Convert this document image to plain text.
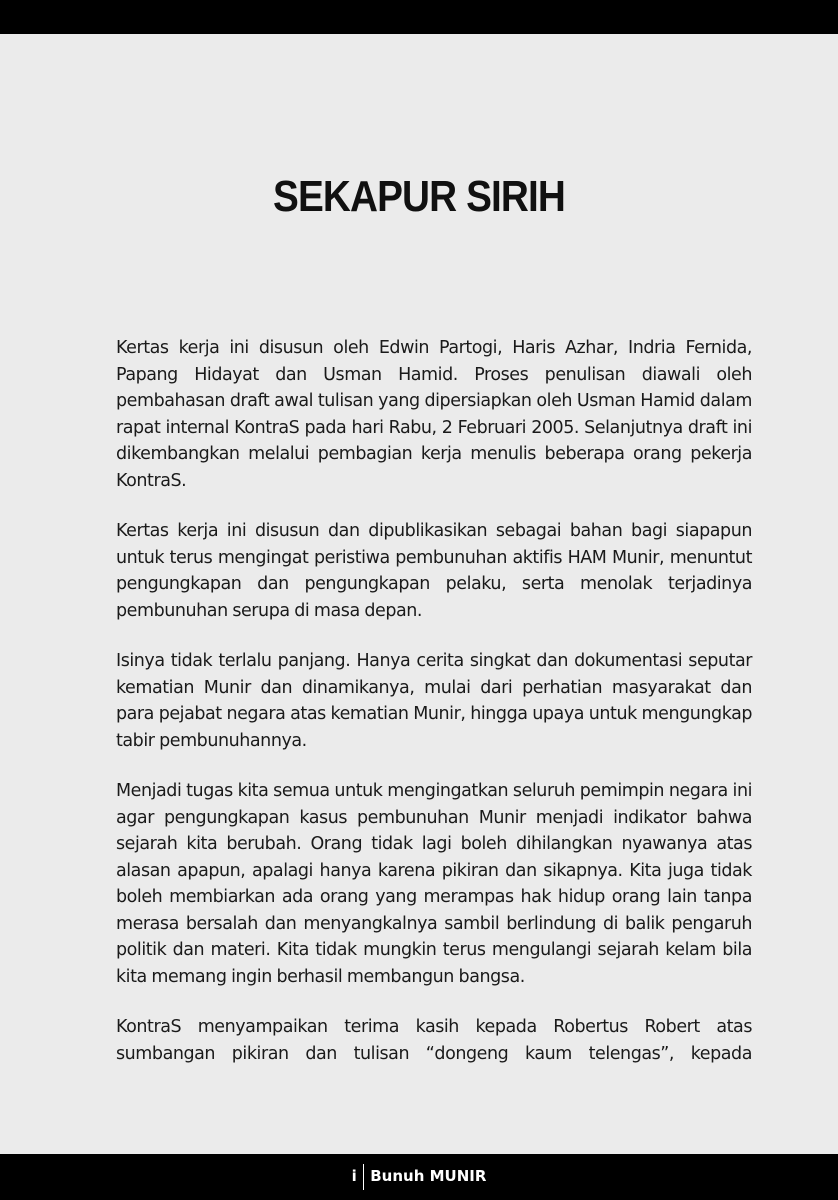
SEKAPUR SIRIH

Kertas kerja ini disusun oleh Edwin Partogi, Haris Azhar, Indria Fernida, Papang Hidayat dan Usman Hamid. Proses penulisan diawali oleh pembahasan draft awal tulisan yang dipersiapkan oleh Usman Hamid dalam rapat internal KontraS pada hari Rabu, 2 Februari 2005. Selanjutnya draft ini dikembangkan melalui pembagian kerja menulis beberapa orang pekerja KontraS.

Kertas kerja ini disusun dan dipublikasikan sebagai bahan bagi siapapun untuk terus mengingat peristiwa pembunuhan aktifis HAM Munir, menuntut pengungkapan dan pengungkapan pelaku, serta menolak terjadinya pembunuhan serupa di masa depan.

Isinya tidak terlalu panjang. Hanya cerita singkat dan dokumentasi seputar kematian Munir dan dinamikanya, mulai dari perhatian masyarakat dan para pejabat negara atas kematian Munir, hingga upaya untuk mengungkap tabir pembunuhannya.

Menjadi tugas kita semua untuk mengingatkan seluruh pemimpin negara ini agar pengungkapan kasus pembunuhan Munir menjadi indikator bahwa sejarah kita berubah. Orang tidak lagi boleh dihilangkan nyawanya atas alasan apapun, apalagi hanya karena pikiran dan sikapnya. Kita juga tidak boleh membiarkan ada orang yang merampas hak hidup orang lain tanpa merasa bersalah dan menyangkalnya sambil berlindung di balik pengaruh politik dan materi. Kita tidak mungkin terus mengulangi sejarah kelam bila kita memang ingin berhasil membangun bangsa.

KontraS menyampaikan terima kasih kepada Robertus Robert atas sumbangan pikiran dan tulisan “dongeng kaum telengas”, kepada

i Bunuh MUNIR
